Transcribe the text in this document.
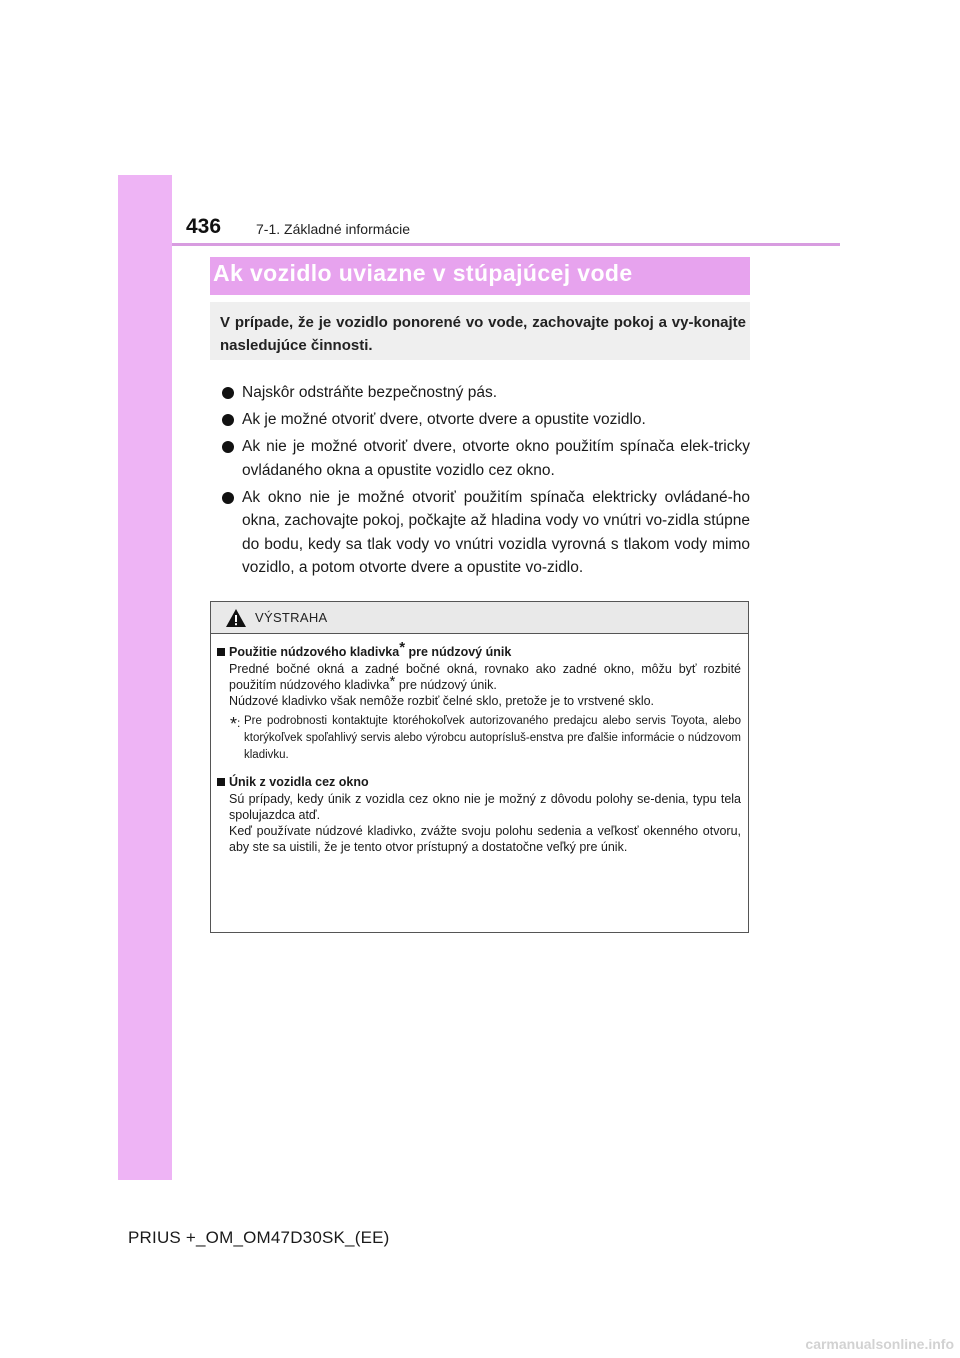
436 7-1. Základné informácie
Ak vozidlo uviazne v stúpajúcej vode
V prípade, že je vozidlo ponorené vo vode, zachovajte pokoj a vy-konajte nasledujúce činnosti.
Najskôr odstráňte bezpečnostný pás.
Ak je možné otvoriť dvere, otvorte dvere a opustite vozidlo.
Ak nie je možné otvoriť dvere, otvorte okno použitím spínača elek-tricky ovládaného okna a opustite vozidlo cez okno.
Ak okno nie je možné otvoriť použitím spínača elektricky ovládané-ho okna, zachovajte pokoj, počkajte až hladina vody vo vnútri vo-zidla stúpne do bodu, kedy sa tlak vody vo vnútri vozidla vyrovná s tlakom vody mimo vozidlo, a potom otvorte dvere a opustite vo-zidlo.
VÝSTRAHA
Použitie núdzového kladivka* pre núdzový únik
Predné bočné okná a zadné bočné okná, rovnako ako zadné okno, môžu byť rozbité použitím núdzového kladivka* pre núdzový únik.
Núdzové kladivko však nemôže rozbiť čelné sklo, pretože je to vrstvené sklo.
*: Pre podrobnosti kontaktujte ktoréhokoľvek autorizovaného predajcu alebo servis Toyota, alebo ktorýkoľvek spoľahlivý servis alebo výrobcu autoprísluš-enstva pre ďalšie informácie o núdzovom kladivku.
Únik z vozidla cez okno
Sú prípady, kedy únik z vozidla cez okno nie je možný z dôvodu polohy se-denia, typu tela spolujazdca atď.
Keď používate núdzové kladivko, zvážte svoju polohu sedenia a veľkosť okenného otvoru, aby ste sa uistili, že je tento otvor prístupný a dostatočne veľký pre únik.
PRIUS +_OM_OM47D30SK_(EE)
carmanualsonline.info
